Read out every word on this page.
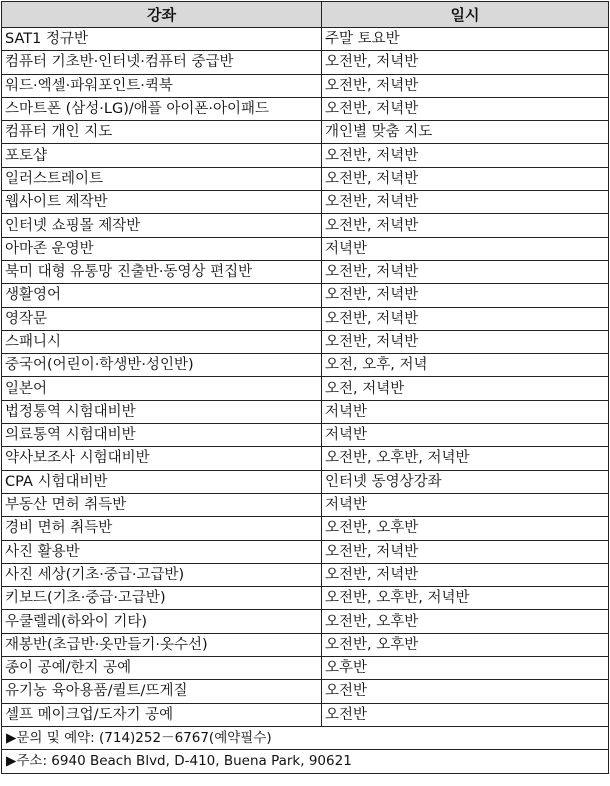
강좌	일시
SAT1 정규반	주말 토요반
컴퓨터 기초반·인터넷·컴퓨터 중급반	오전반, 저녁반
워드·엑셀·파워포인트·퀵북	오전반, 저녁반
스마트폰 (삼성·LG)/애플 아이폰·아이패드	오전반, 저녁반
컴퓨터 개인 지도	개인별 맞춤 지도
포토샵	오전반, 저녁반
일러스트레이트	오전반, 저녁반
웹사이트 제작반	오전반, 저녁반
인터넷 쇼핑몰 제작반	오전반, 저녁반
아마존 운영반	저녁반
북미 대형 유통망 진출반·동영상 편집반	오전반, 저녁반
생활영어	오전반, 저녁반
영작문	오전반, 저녁반
스패니시	오전반, 저녁반
중국어(어린이·학생반·성인반)	오전, 오후, 저녁
일본어	오전, 저녁반
법정통역 시험대비반	저녁반
의료통역 시험대비반	저녁반
약사보조사 시험대비반	오전반, 오후반, 저녁반
CPA 시험대비반	인터넷 동영상강좌
부동산 면허 취득반	저녁반
경비 면허 취득반	오전반, 오후반
사진 활용반	오전반, 저녁반
사진 세상(기초·중급·고급반)	오전반, 저녁반
키보드(기초·중급·고급반)	오전반, 오후반, 저녁반
우쿨렐레(하와이 기타)	오전반, 오후반
재봉반(초급반·옷만들기·옷수선)	오전반, 오후반
종이 공예/한지 공예	오후반
유기농 육아용품/퀼트/뜨게질	오전반
셀프 메이크업/도자기 공예	오전반
▶문의 및 예약: (714)252－6767(예약필수)	
▶주소: 6940 Beach Blvd, D-410, Buena Park, 90621	
